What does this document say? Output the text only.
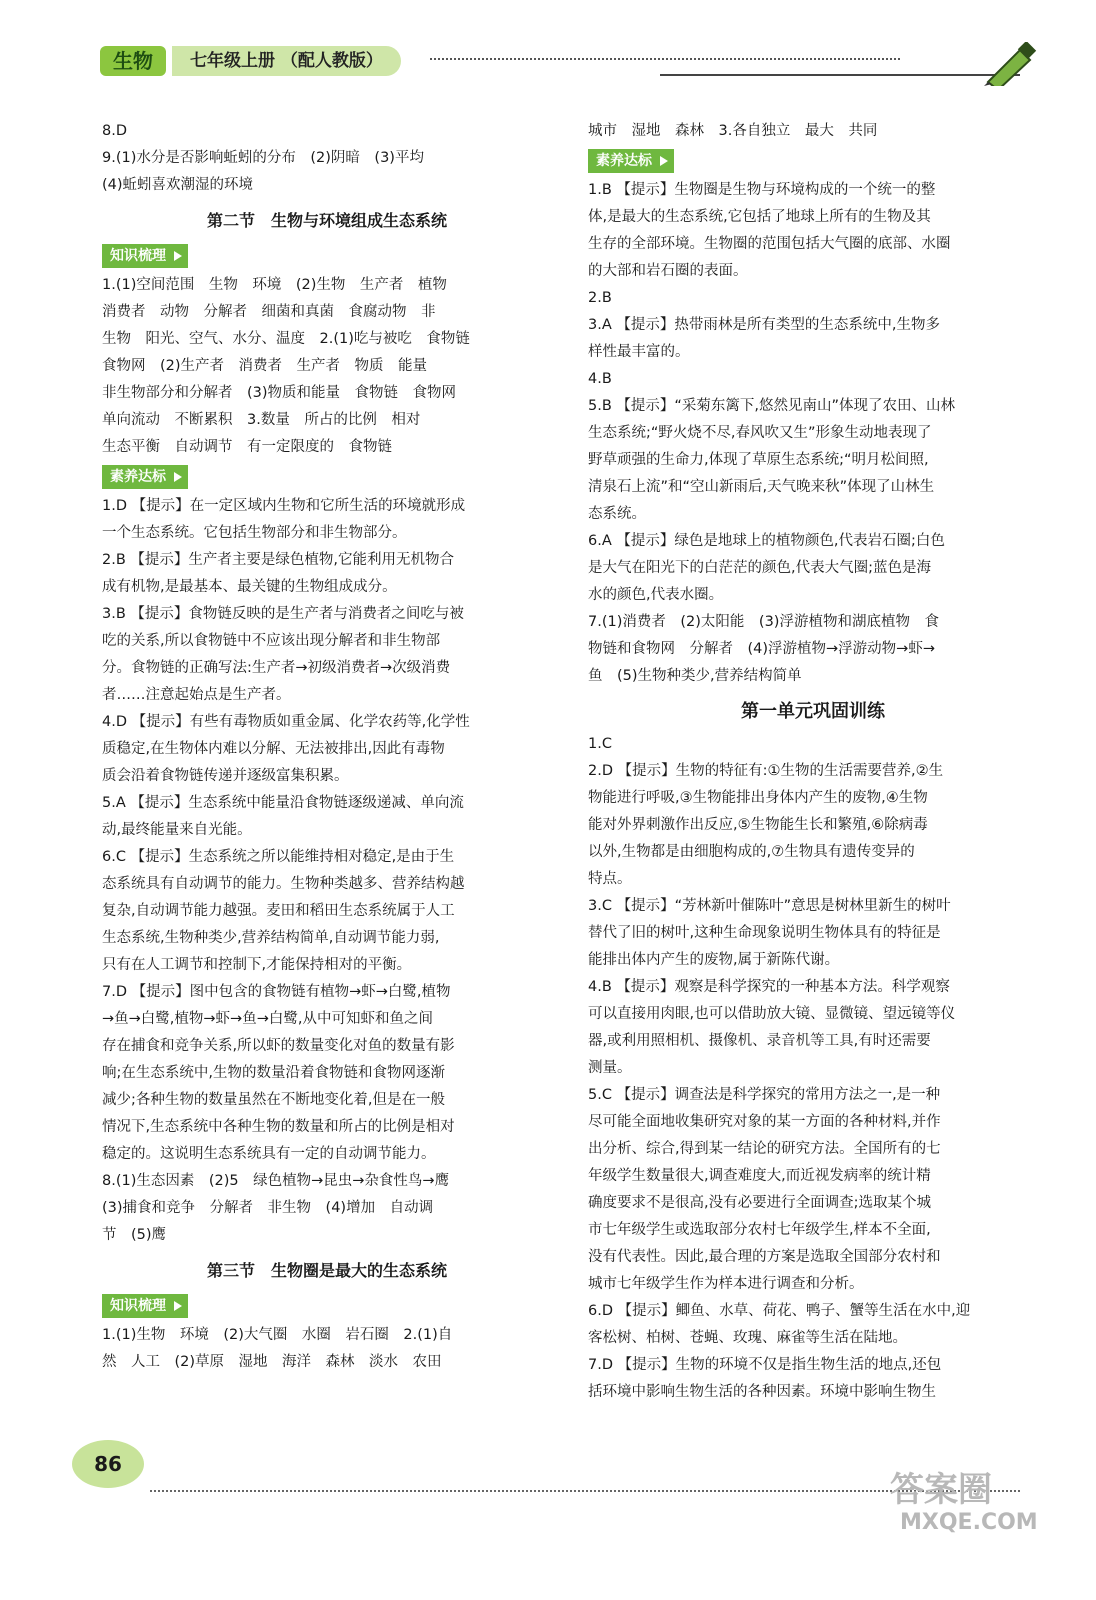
生物	七年级上册 （配人教版）
8.D
9.(1)水分是否影响蚯蚓的分布　(2)阴暗　(3)平均
(4)蚯蚓喜欢潮湿的环境
第二节　生物与环境组成生态系统
知识梳理
1.(1)空间范围　生物　环境　(2)生物　生产者　植物
消费者　动物　分解者　细菌和真菌　食腐动物　非
生物　阳光、空气、水分、温度　2.(1)吃与被吃　食物链
食物网　(2)生产者　消费者　生产者　物质　能量
非生物部分和分解者　(3)物质和能量　食物链　食物网
单向流动　不断累积　3.数量　所占的比例　相对
生态平衡　自动调节　有一定限度的　食物链
素养达标
1.D 【提示】在一定区域内生物和它所生活的环境就形成
一个生态系统。它包括生物部分和非生物部分。
2.B 【提示】生产者主要是绿色植物,它能利用无机物合
成有机物,是最基本、最关键的生物组成成分。
3.B 【提示】食物链反映的是生产者与消费者之间吃与被
吃的关系,所以食物链中不应该出现分解者和非生物部
分。食物链的正确写法:生产者→初级消费者→次级消费
者……注意起始点是生产者。
4.D 【提示】有些有毒物质如重金属、化学农药等,化学性
质稳定,在生物体内难以分解、无法被排出,因此有毒物
质会沿着食物链传递并逐级富集积累。
5.A 【提示】生态系统中能量沿食物链逐级递减、单向流
动,最终能量来自光能。
6.C 【提示】生态系统之所以能维持相对稳定,是由于生
态系统具有自动调节的能力。生物种类越多、营养结构越
复杂,自动调节能力越强。麦田和稻田生态系统属于人工
生态系统,生物种类少,营养结构简单,自动调节能力弱,
只有在人工调节和控制下,才能保持相对的平衡。
7.D 【提示】图中包含的食物链有植物→虾→白鹭,植物
→鱼→白鹭,植物→虾→鱼→白鹭,从中可知虾和鱼之间
存在捕食和竞争关系,所以虾的数量变化对鱼的数量有影
响;在生态系统中,生物的数量沿着食物链和食物网逐渐
减少;各种生物的数量虽然在不断地变化着,但是在一般
情况下,生态系统中各种生物的数量和所占的比例是相对
稳定的。这说明生态系统具有一定的自动调节能力。
8.(1)生态因素　(2)5　绿色植物→昆虫→杂食性鸟→鹰
(3)捕食和竞争　分解者　非生物　(4)增加　自动调
节　(5)鹰
第三节　生物圈是最大的生态系统
知识梳理
1.(1)生物　环境　(2)大气圈　水圈　岩石圈　2.(1)自
然　人工　(2)草原　湿地　海洋　森林　淡水　农田
城市　湿地　森林　3.各自独立　最大　共同
素养达标
1.B 【提示】生物圈是生物与环境构成的一个统一的整
体,是最大的生态系统,它包括了地球上所有的生物及其
生存的全部环境。生物圈的范围包括大气圈的底部、水圈
的大部和岩石圈的表面。
2.B
3.A 【提示】热带雨林是所有类型的生态系统中,生物多
样性最丰富的。
4.B
5.B 【提示】“采菊东篱下,悠然见南山”体现了农田、山林
生态系统;“野火烧不尽,春风吹又生”形象生动地表现了
野草顽强的生命力,体现了草原生态系统;“明月松间照,
清泉石上流”和“空山新雨后,天气晚来秋”体现了山林生
态系统。
6.A 【提示】绿色是地球上的植物颜色,代表岩石圈;白色
是大气在阳光下的白茫茫的颜色,代表大气圈;蓝色是海
水的颜色,代表水圈。
7.(1)消费者　(2)太阳能　(3)浮游植物和湖底植物　食
物链和食物网　分解者　(4)浮游植物→浮游动物→虾→
鱼　(5)生物种类少,营养结构简单
第一单元巩固训练
1.C
2.D 【提示】生物的特征有:①生物的生活需要营养,②生
物能进行呼吸,③生物能排出身体内产生的废物,④生物
能对外界刺激作出反应,⑤生物能生长和繁殖,⑥除病毒
以外,生物都是由细胞构成的,⑦生物具有遗传变异的
特点。
3.C 【提示】“芳林新叶催陈叶”意思是树林里新生的树叶
替代了旧的树叶,这种生命现象说明生物体具有的特征是
能排出体内产生的废物,属于新陈代谢。
4.B 【提示】观察是科学探究的一种基本方法。科学观察
可以直接用肉眼,也可以借助放大镜、显微镜、望远镜等仪
器,或利用照相机、摄像机、录音机等工具,有时还需要
测量。
5.C 【提示】调查法是科学探究的常用方法之一,是一种
尽可能全面地收集研究对象的某一方面的各种材料,并作
出分析、综合,得到某一结论的研究方法。全国所有的七
年级学生数量很大,调查难度大,而近视发病率的统计精
确度要求不是很高,没有必要进行全面调查;选取某个城
市七年级学生或选取部分农村七年级学生,样本不全面,
没有代表性。因此,最合理的方案是选取全国部分农村和
城市七年级学生作为样本进行调查和分析。
6.D 【提示】鲫鱼、水草、荷花、鸭子、蟹等生活在水中,迎
客松树、柏树、苍蝇、玫瑰、麻雀等生活在陆地。
7.D 【提示】生物的环境不仅是指生物生活的地点,还包
括环境中影响生物生活的各种因素。环境中影响生物生
86
答案圈
MXQE.COM
